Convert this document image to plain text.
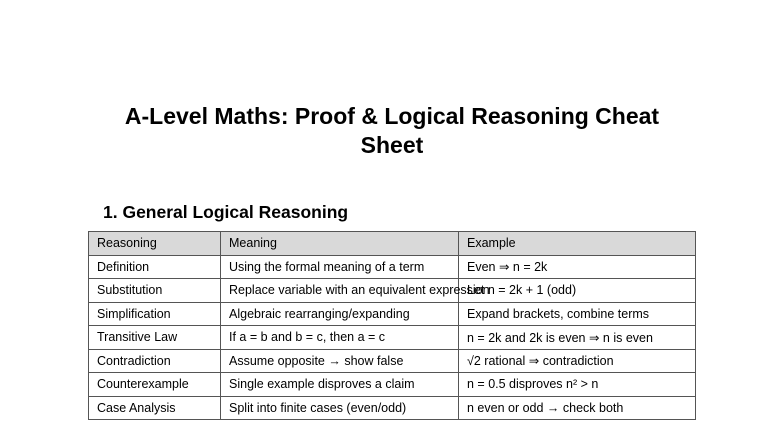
A-Level Maths: Proof & Logical Reasoning Cheat Sheet
1. General Logical Reasoning
Reasoning	Meaning	Example
Definition	Using the formal meaning of a term	Even ⇒ n = 2k
Substitution	Replace variable with an equivalent expression	Let n = 2k + 1 (odd)
Simplification	Algebraic rearranging/expanding	Expand brackets, combine terms
Transitive Law	If a = b and b = c, then a = c	n = 2k and 2k is even ⇒ n is even
Contradiction	Assume opposite → show false	√2 rational ⇒ contradiction
Counterexample	Single example disproves a claim	n = 0.5 disproves n² > n
Case Analysis	Split into finite cases (even/odd)	n even or odd → check both
